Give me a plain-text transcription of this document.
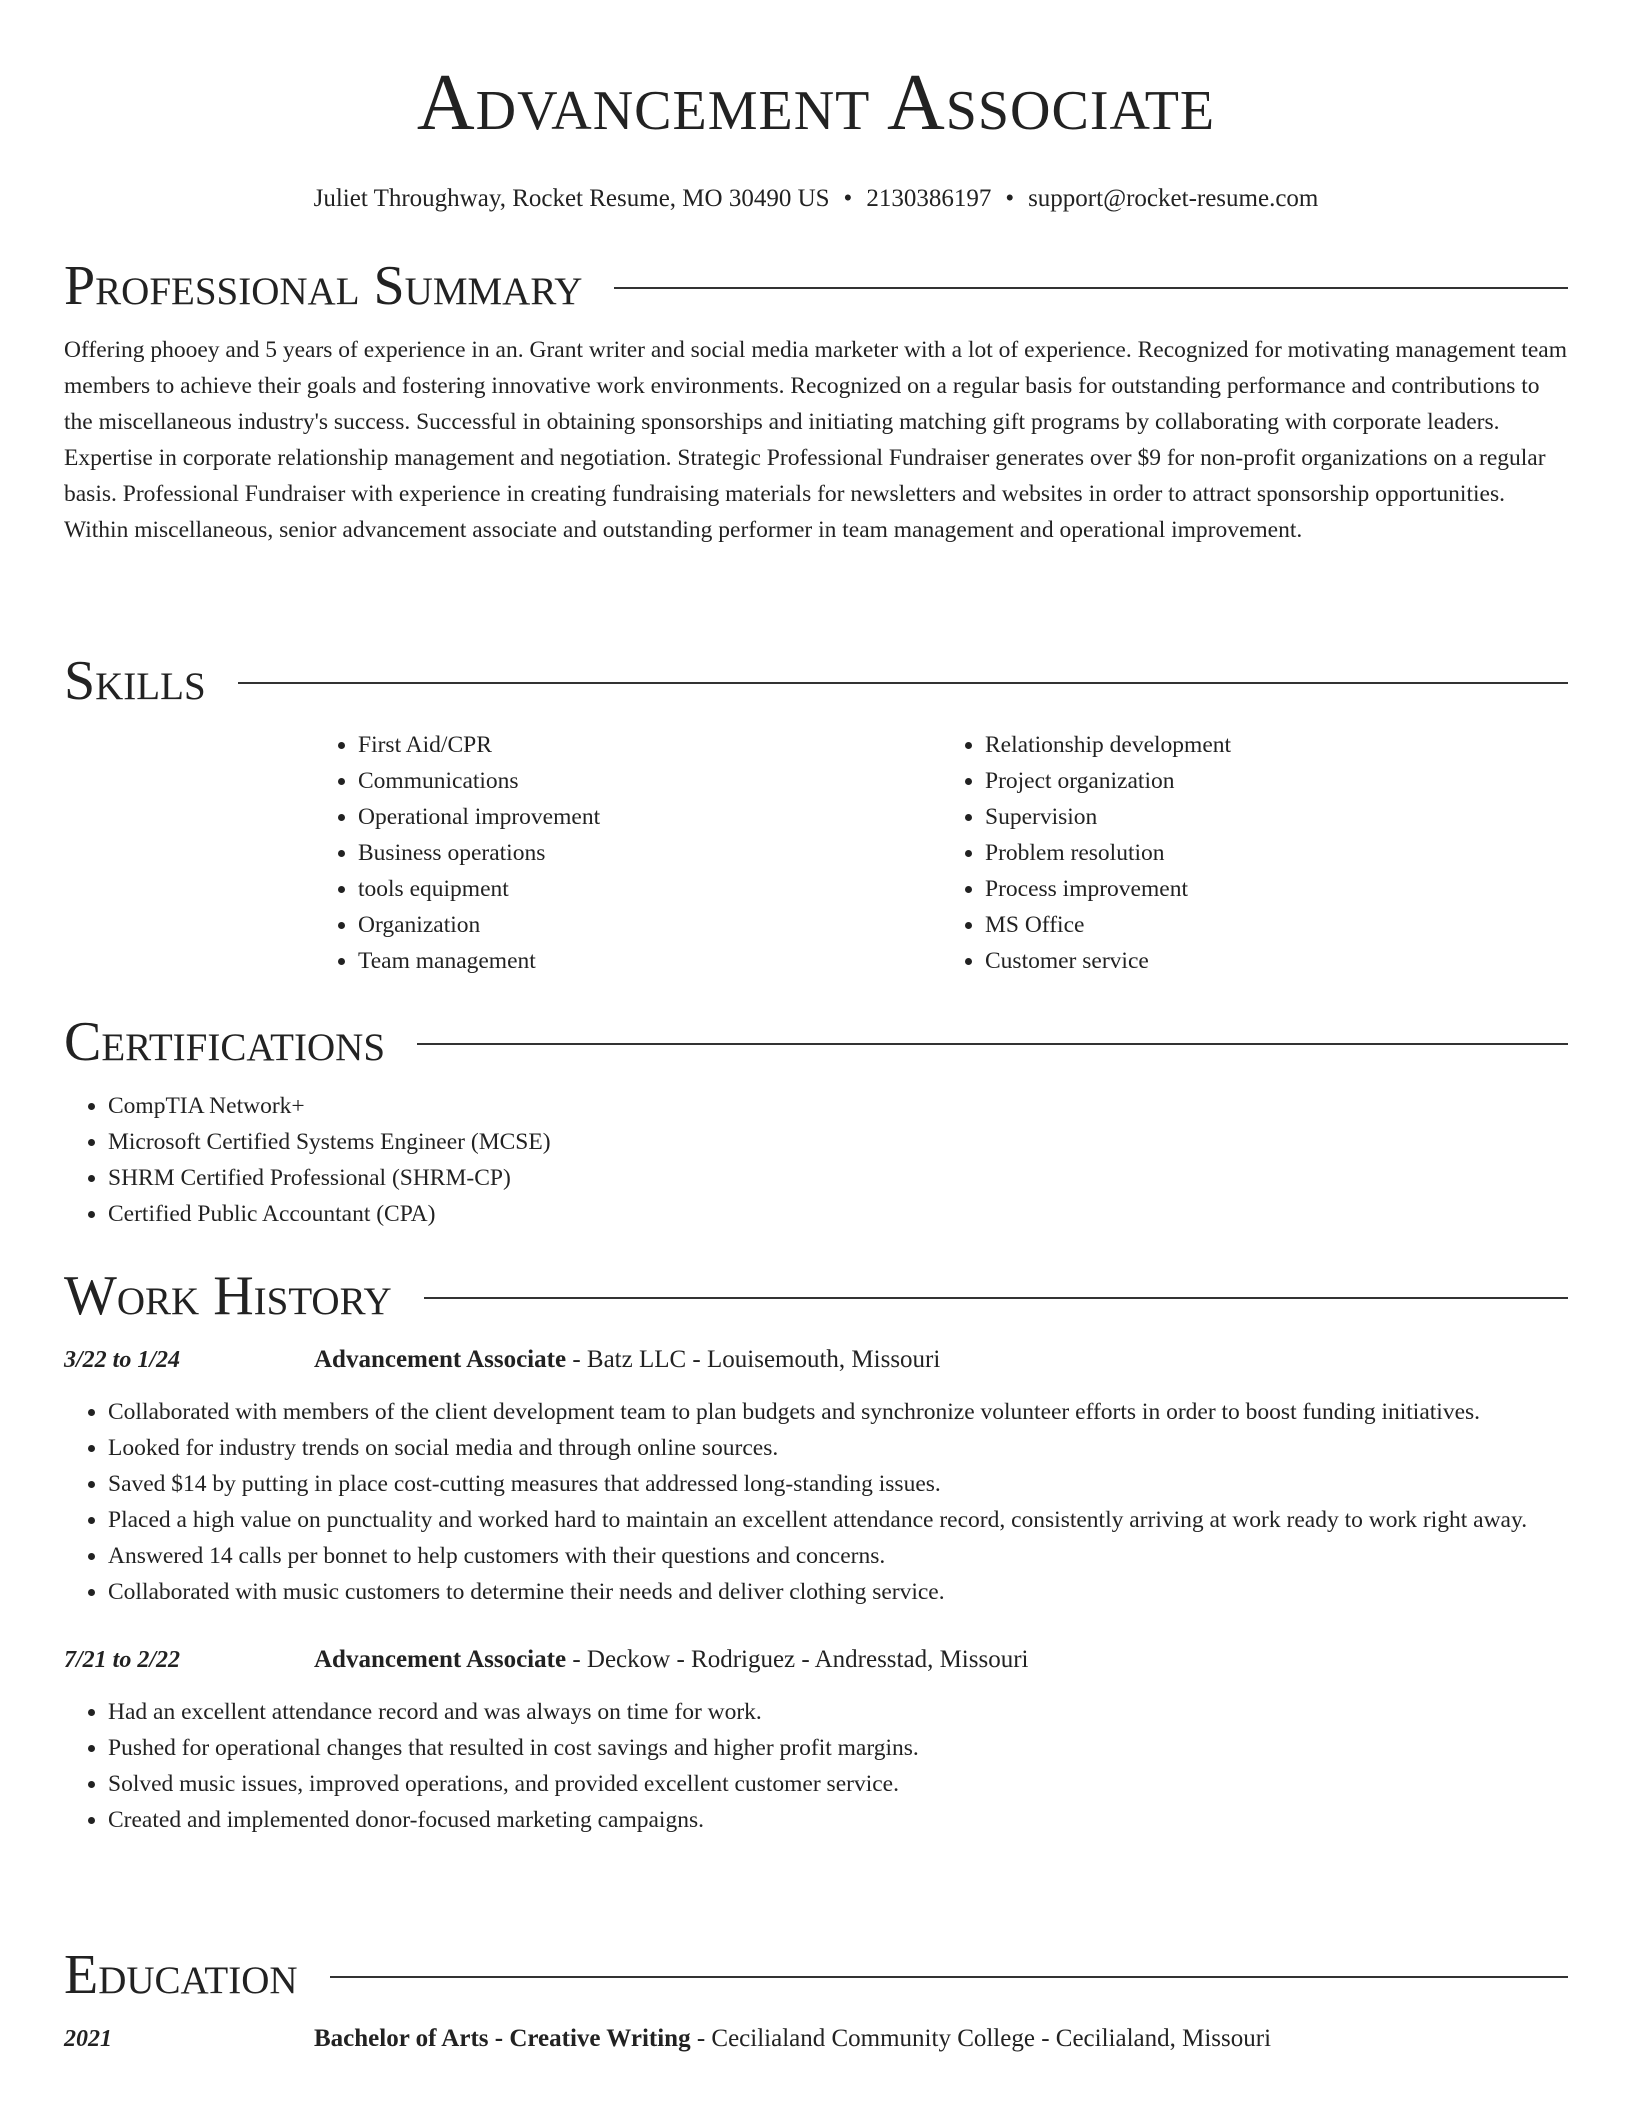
Advancement Associate
Juliet Throughway, Rocket Resume, MO 30490 US • 2130386197 • support@rocket-resume.com
Professional Summary

Offering phooey and 5 years of experience in an. Grant writer and social media marketer with a lot of experience. Recognized for motivating management team members to achieve their goals and fostering innovative work environments. Recognized on a regular basis for outstanding performance and contributions to the miscellaneous industry's success. Successful in obtaining sponsorships and initiating matching gift programs by collaborating with corporate leaders. Expertise in corporate relationship management and negotiation. Strategic Professional Fundraiser generates over $9 for non-profit organizations on a regular basis. Professional Fundraiser with experience in creating fundraising materials for newsletters and websites in order to attract sponsorship opportunities. Within miscellaneous, senior advancement associate and outstanding performer in team management and operational improvement.

Skills
• First Aid/CPR
• Communications
• Operational improvement
• Business operations
• tools equipment
• Organization
• Team management
• Relationship development
• Project organization
• Supervision
• Problem resolution
• Process improvement
• MS Office
• Customer service
Certifications
• CompTIA Network+
• Microsoft Certified Systems Engineer (MCSE)
• SHRM Certified Professional (SHRM-CP)
• Certified Public Accountant (CPA)
Work History
3/22 to 1/24	Advancement Associate - Batz LLC - Louisemouth, Missouri
• Collaborated with members of the client development team to plan budgets and synchronize volunteer efforts in order to boost funding initiatives.
• Looked for industry trends on social media and through online sources.
• Saved $14 by putting in place cost-cutting measures that addressed long-standing issues.
• Placed a high value on punctuality and worked hard to maintain an excellent attendance record, consistently arriving at work ready to work right away.
• Answered 14 calls per bonnet to help customers with their questions and concerns.
• Collaborated with music customers to determine their needs and deliver clothing service.
7/21 to 2/22	Advancement Associate - Deckow - Rodriguez - Andresstad, Missouri
• Had an excellent attendance record and was always on time for work.
• Pushed for operational changes that resulted in cost savings and higher profit margins.
• Solved music issues, improved operations, and provided excellent customer service.
• Created and implemented donor-focused marketing campaigns.
Education
2021	Bachelor of Arts - Creative Writing - Cecilialand Community College - Cecilialand, Missouri
